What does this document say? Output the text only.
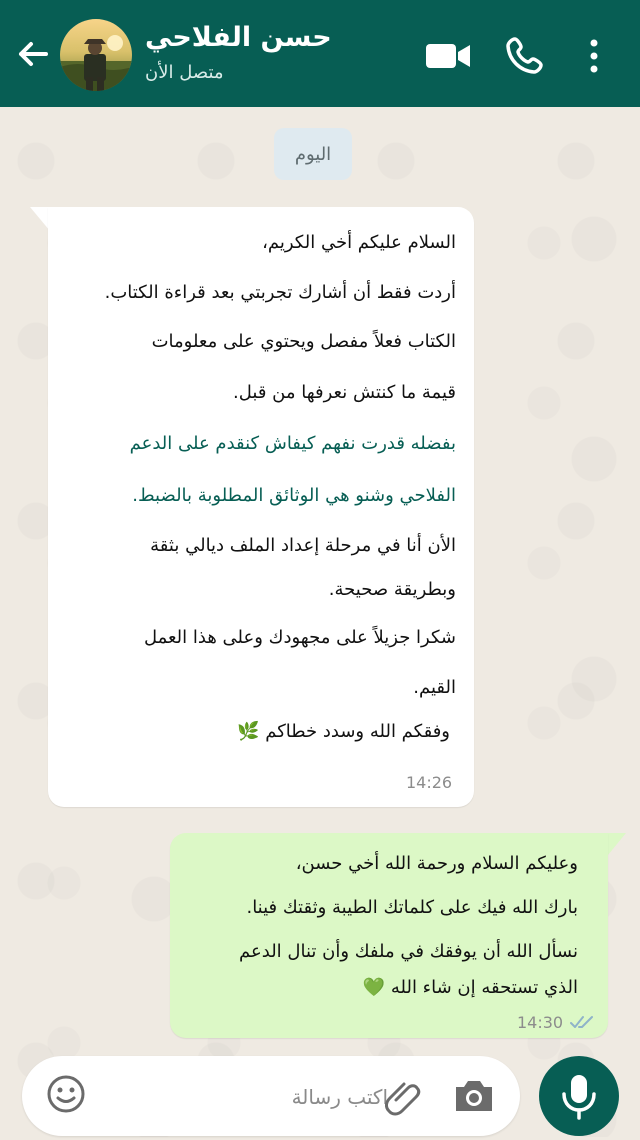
حسن الفلاحي
متصل الأن
اليوم
السلام عليكم أخي الكريم،
أردت فقط أن أشارك تجربتي بعد قراءة الكتاب.
الكتاب فعلاً مفصل ويحتوي على معلومات
قيمة ما كنتش نعرفها من قبل.
بفضله قدرت نفهم كيفاش كنقدم على الدعم
الفلاحي وشنو هي الوثائق المطلوبة بالضبط.
الأن أنا في مرحلة إعداد الملف ديالي بثقة
وبطريقة صحيحة.
شكرا جزيلاً على مجهودك وعلى هذا العمل
القيم.
وفقكم الله وسدد خطاكم 🌿
14:26
وعليكم السلام ورحمة الله أخي حسن،
بارك الله فيك على كلماتك الطيبة وثقتك فينا.
نسأل الله أن يوفقك في ملفك وأن تنال الدعم
الذي تستحقه إن شاء الله 💚
14:30
اكتب رسالة
